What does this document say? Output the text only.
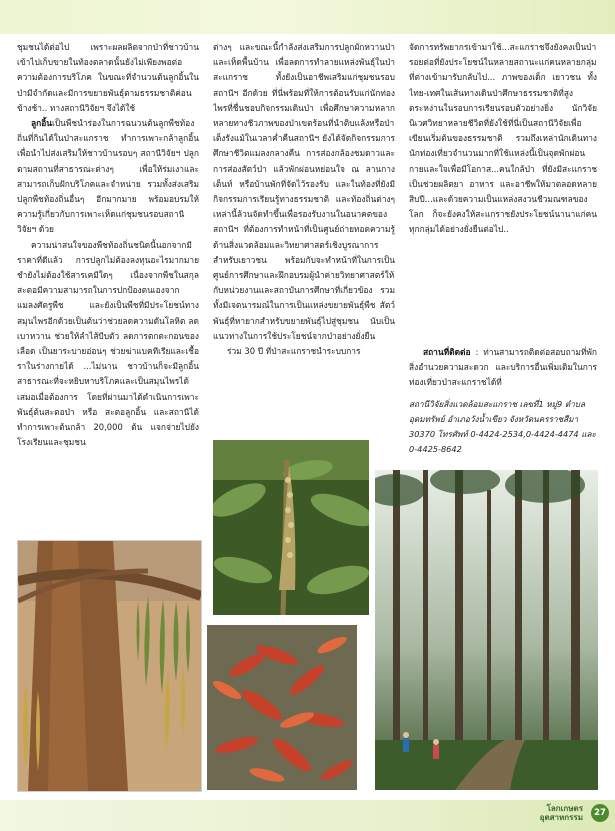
ชุมชนได้ต่อไป เพราะผลผลิตจากป่าที่ชาวบ้านเข้าไปเก็บขายในท้องตลาดนั้นยังไม่เพียงพอต่อความต้องการบริโภค ในขณะที่จำนวนต้นลูกอิ้นในป่ามีจำกัดและมีการขยายพันธุ์ตามธรรมชาติค่อนข้างช้า.. ทางสถานีวิจัยฯ จึงได้ใช้

ลูกอิ้นเป็นพืชนำร่องในการฉนวนต้นลูกพืชท้องถิ่นที่กินได้ในป่าสะแกราช ทำการเพาะกล้าลูกอิ้นเพื่อนำไปส่งเสริมให้ชาวบ้านรอบๆ สถานีวิจัยฯ ปลูกตามสถานที่สาธารณะต่างๆ เพื่อให้ร่มเงาและสามารถเก็บฝักบริโภคและจำหน่าย รวมทั้งส่งเสริมปลูกพืชท้องถิ่นอื่นๆ อีกมากมาย พร้อมอบรมให้ความรู้เกี่ยวกับการเพาะเห็ดแก่ชุมชนรอบสถานีวิจัยฯ ด้วย

ความน่าสนใจของพืชท้องถิ่นชนิดนี้นอกจากมีราคาที่ดีแล้ว การปลูกไม่ต้องลงทุนอะไรมากมาย ชำยังไม่ต้องใช้สารเคมีใดๆ เนื่องจากพืชในสกุลสะตอมีความสามารถในการปกป้องตนเองจากแมลงศัตรูพืช และยังเป็นพืชที่มีประโยชน์ทางสมุนไพรอีกด้วยเป็นต้นว่าช่วยลดความดันโลหิต ลดเบาหวาน ช่วยให้ลำไส้บีบตัว ลดการตกตะกอนของเลือด เป็นยาระบายอ่อนๆ ช่วยฆ่าแบคทีเรียและเชื้อราในร่างกายได้ ...ไม่นาน ชาวบ้านก็จะมีลูกอิ้นสาธารณะที่จะหยิบหาบริโภคและเป็นสมุนไพรได้เสมอเมื่อต้องการ โดยที่ผ่านมาได้ดำเนินการเพาะพันธุ์ต้นสะตอป่า หรือ สะตอลูกอิ้น และสถานีได้ทำการเพาะต้นกล้า 20,000 ต้น แจกจ่ายไปยังโรงเรียนและชุมชน

ต่างๆ และขณะนี้กำลังส่งเสริมการปลูกผักหวานป่าและเห็ดพื้นบ้าน เพื่อลดการทำลายแหล่งพันธุ์ในป่าสะแกราช ทั้งยังเป็นอาชีพเสริมแก่ชุมชนรอบสถานีฯ อีกด้วย ที่นี่พร้อมที่ให้การต้อนรับแก่นักท่องไพรที่ชื่นชอบกิจกรรมเดินป่า เพื่อศึกษาความหลากหลายทางชีวภาพของป่าเขตร้อนที่นำติบแล้งหรือป่าเต็งรังแม้ในเวลาค่ำคืนสถานีฯ ยังได้จัดกิจกรรมการศึกษาชีวิตแมลงกลางคืน การส่องกล้องชมดาวและการส่องสัตว์ป่า แล้วพักผ่อนหย่อนใจ ณ ลานกางเต็นท์ หรือบ้านพักที่จัดไว้รองรับ และในท้องที่ยังมีกิจกรรมการเรียนรู้ทางธรรมชาติ และท้องถิ่นต่างๆ เหล่านี้ล้วนจัดทำขึ้นเพื่อรองรับงานในอนาคตของสถานีฯ ที่ต้องการทำหน้าที่เป็นศูนย์ถ่ายทอดความรู้ด้านสิ่งแวดล้อมและวิทยาศาสตร์เชิงบูรณาการสำหรับเยาวชน พร้อมกับจะทำหน้าที่ในการเป็นศูนย์การศึกษาและฝึกอบรมผู้นำค่ายวิทยาศาสตร์ให้กับหน่วยงานและสถาบันการศึกษาที่เกี่ยวข้อง รวมทั้งมีเจตนารมณ์ในการเป็นแหล่งขยายพันธุ์พืช สัตว์พันธุ์ที่หายากสำหรับขยายพันธุ์ไปสู่ชุมชน นับเป็นแนวทางในการใช้ประโยชน์จากป่าอย่างยั่งยืน

ร่วม 30 ปี ที่ป่าสะแกราชนำระบบการ

จัดการทรัพยากรเข้ามาใช้...สะแกราชจึงยังคงเป็นป่ารอยต่อที่ยังประโยชน์ในหลายสถานะแก่คนหลายกลุ่มที่ต่างเข้ามารับกลับไป... ภาพของเด็ก เยาวชน ทั้งไทย-เทศในเส้นทางเดินป่าศึกษาธรรมชาติที่สูงตระหง่านในรอบการเรียนรอบตัวอย่างยิ่ง นักวิจัยนิเวศวิทยาหลายชีวิตที่ยังใช้ที่นี่เป็นสถานีวิจัยเพื่อเขียนเริ่มต้นของธรรมชาติ รวมถึงเหล่านักเดินทาง นักท่องเที่ยวจำนวนมากที่ใช้แหล่งนี้เป็นจุดพักผ่อนกายและใจเพื่อมีโอกาส...คนใกล้ป่า ที่ยังมีสะแกราชเป็นช่วยผลิตยา อาหาร และอาชีพให้มาตลอดหลายสิบปี...และด้วยความเป็นแหล่งสงวนชีวมณฑลของโลก ก็จะยังคงให้สะแกราชยังประโยชน์นานาแก่คนทุกกลุ่มได้อย่างยั่งยืนต่อไป..

สถานที่ติดต่อ : ท่านสามารถติดต่อสอบถามที่พัก สิ่งอำนวยความสะดวก และบริการอื่นเพิ่มเติมในการท่องเที่ยวป่าสะแกราชได้ที่
สถานีวิจัยสิ่งแวดล้อมสะแกราช เลขที่1 หมู่9 ตำบลอุดมทรัพย์ อำเภอวังน้ำเขียว จังหวัดนครราชสีมา 30370 โทรศัพท์ 0-4424-2534,0-4424-4474 และ 0-4425-8642
โลกเกษตร
อุตสาหกรรม	27
